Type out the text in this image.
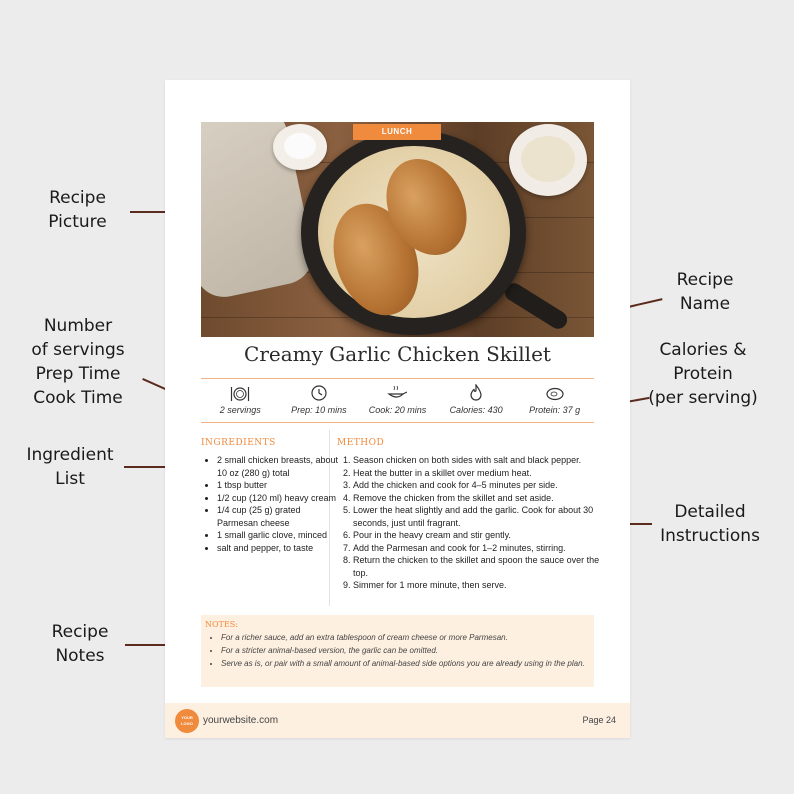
Recipe
Picture
Recipe
Name
Number
of servings
Prep Time
Cook Time
Calories &
Protein
(per serving)
Ingredient
List
Detailed
Instructions
Recipe
Notes
LUNCH
Creamy Garlic Chicken Skillet
2 servings	Prep: 10 mins Cook: 20 mins	Calories: 430	Protein: 37 g
INGREDIENTS
• 2 small chicken breasts, about 10 oz (280 g) total
• 1 tbsp butter
• 1/2 cup (120 ml) heavy cream
• 1/4 cup (25 g) grated Parmesan cheese
• 1 small garlic clove, minced
• salt and pepper, to taste
METHOD
1. Season chicken on both sides with salt and black pepper.
2. Heat the butter in a skillet over medium heat.
3. Add the chicken and cook for 4–5 minutes per side.
4. Remove the chicken from the skillet and set aside.
5. Lower the heat slightly and add the garlic. Cook for about 30 seconds, just until fragrant.
6. Pour in the heavy cream and stir gently.
7. Add the Parmesan and cook for 1–2 minutes, stirring.
8. Return the chicken to the skillet and spoon the sauce over the top.
9. Simmer for 1 more minute, then serve.
NOTES:
• For a richer sauce, add an extra tablespoon of cream cheese or more Parmesan.
• For a stricter animal-based version, the garlic can be omitted.
• Serve as is, or pair with a small amount of animal-based side options you are already using in the plan.
YOUR
LOGO yourwebsite.com	Page 24
